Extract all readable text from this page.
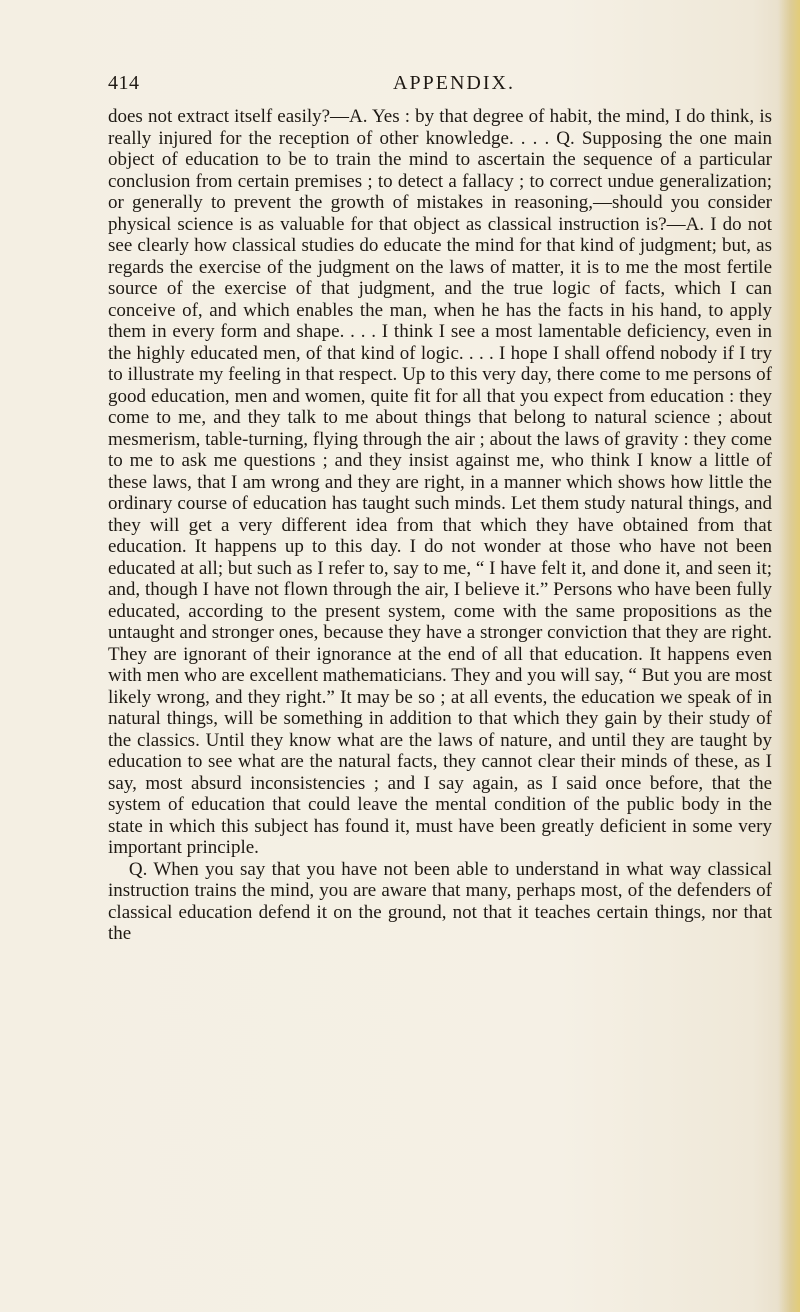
414	APPENDIX.

does not extract itself easily?—A. Yes : by that degree of habit, the mind, I do think, is really injured for the reception of other knowledge. . . . Q. Supposing the one main object of education to be to train the mind to ascertain the sequence of a particular conclusion from certain premises ; to detect a fallacy ; to correct undue generalization; or generally to prevent the growth of mistakes in reasoning,—should you consider physical science is as valuable for that object as classical instruction is?—A. I do not see clearly how classical studies do educate the mind for that kind of judgment; but, as regards the exercise of the judgment on the laws of matter, it is to me the most fertile source of the exercise of that judgment, and the true logic of facts, which I can conceive of, and which enables the man, when he has the facts in his hand, to apply them in every form and shape. . . . I think I see a most lamentable deficiency, even in the highly educated men, of that kind of logic. . . . I hope I shall offend nobody if I try to illustrate my feeling in that respect. Up to this very day, there come to me persons of good education, men and women, quite fit for all that you expect from education : they come to me, and they talk to me about things that belong to natural science ; about mesmerism, table-turning, flying through the air ; about the laws of gravity : they come to me to ask me questions ; and they insist against me, who think I know a little of these laws, that I am wrong and they are right, in a manner which shows how little the ordinary course of education has taught such minds. Let them study natural things, and they will get a very different idea from that which they have obtained from that education. It happens up to this day. I do not wonder at those who have not been educated at all; but such as I refer to, say to me, “ I have felt it, and done it, and seen it; and, though I have not flown through the air, I believe it.” Persons who have been fully educated, according to the present system, come with the same propositions as the untaught and stronger ones, because they have a stronger conviction that they are right. They are ignorant of their ignorance at the end of all that education. It happens even with men who are excellent mathematicians. They and you will say, “ But you are most likely wrong, and they right.” It may be so ; at all events, the education we speak of in natural things, will be something in addition to that which they gain by their study of the classics. Until they know what are the laws of nature, and until they are taught by education to see what are the natural facts, they cannot clear their minds of these, as I say, most absurd inconsistencies ; and I say again, as I said once before, that the system of education that could leave the mental condition of the public body in the state in which this subject has found it, must have been greatly deficient in some very important principle.

Q. When you say that you have not been able to understand in what way classical instruction trains the mind, you are aware that many, perhaps most, of the defenders of classical education defend it on the ground, not that it teaches certain things, nor that the
